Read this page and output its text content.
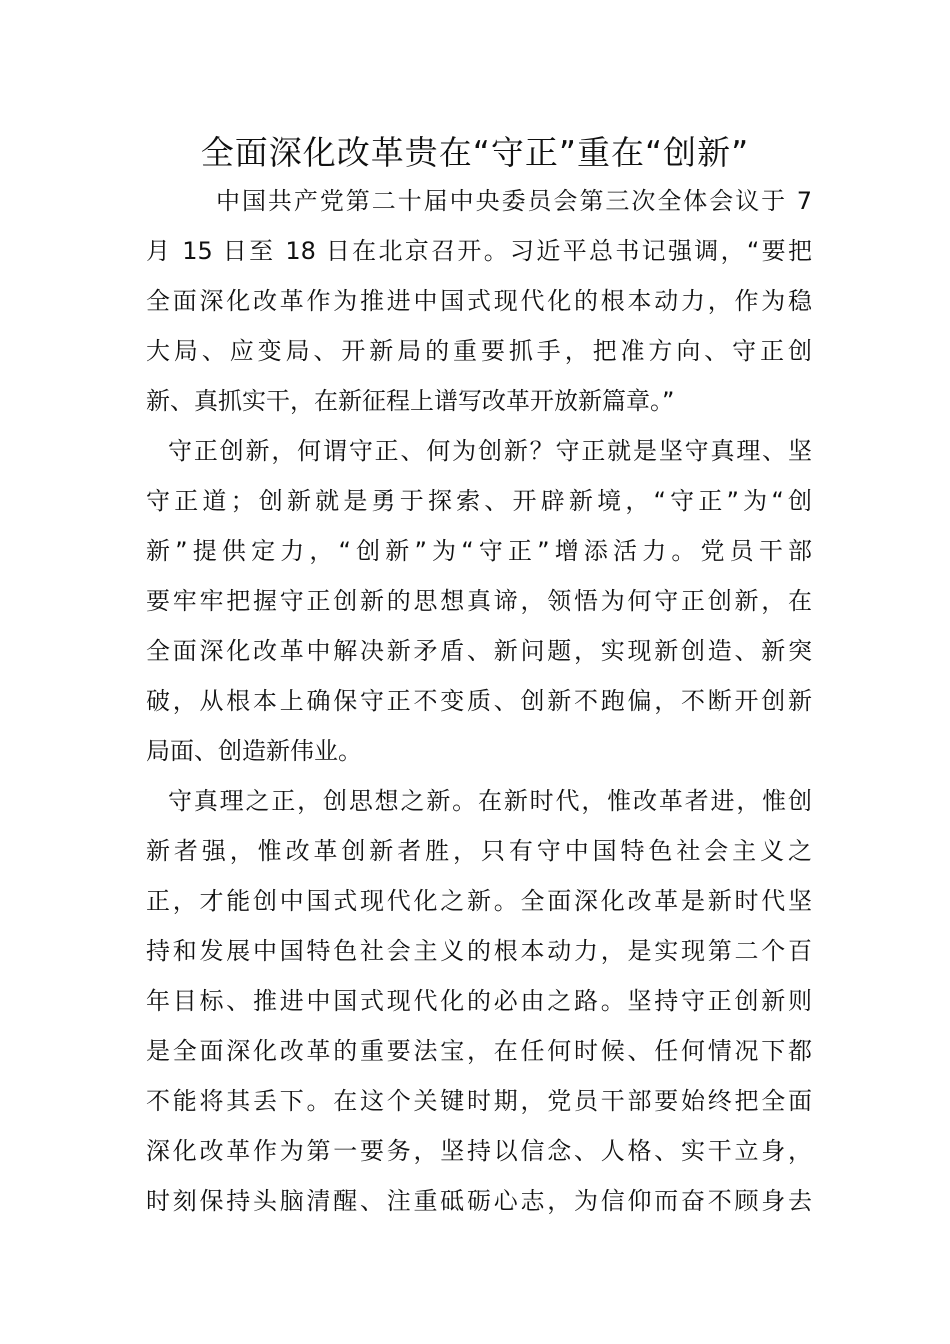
全面深化改革贵在“守正”重在“创新”
中国共产党第二十届中央委员会第三次全体会议于 7
月 15 日至 18 日在北京召开。习近平总书记强调，“要把
全面深化改革作为推进中国式现代化的根本动力，作为稳
大局、应变局、开新局的重要抓手，把准方向、守正创
新、真抓实干，在新征程上谱写改革开放新篇章。”
守正创新，何谓守正、何为创新？守正就是坚守真理、坚
守正道；创新就是勇于探索、开辟新境，“守正”为“创
新”提供定力，“创新”为“守正”增添活力。党员干部
要牢牢把握守正创新的思想真谛，领悟为何守正创新，在
全面深化改革中解决新矛盾、新问题，实现新创造、新突
破，从根本上确保守正不变质、创新不跑偏，不断开创新
局面、创造新伟业。
守真理之正，创思想之新。在新时代，惟改革者进，惟创
新者强，惟改革创新者胜，只有守中国特色社会主义之
正，才能创中国式现代化之新。全面深化改革是新时代坚
持和发展中国特色社会主义的根本动力，是实现第二个百
年目标、推进中国式现代化的必由之路。坚持守正创新则
是全面深化改革的重要法宝，在任何时候、任何情况下都
不能将其丢下。在这个关键时期，党员干部要始终把全面
深化改革作为第一要务，坚持以信念、人格、实干立身，
时刻保持头脑清醒、注重砥砺心志，为信仰而奋不顾身去
